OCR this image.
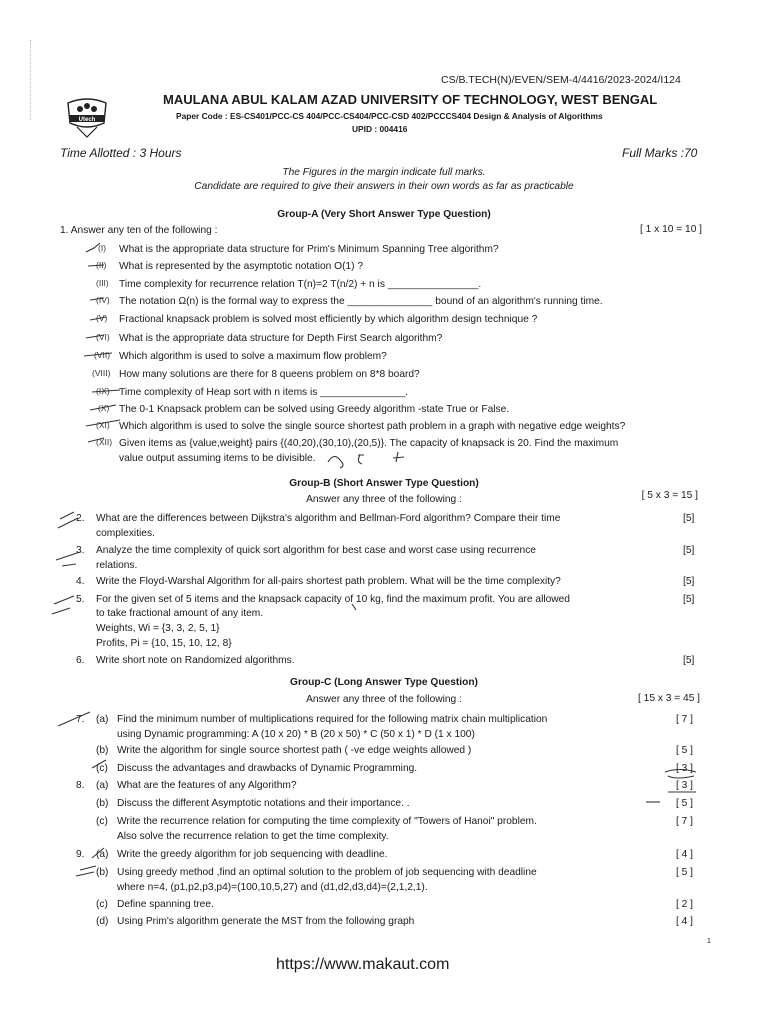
CS/B.TECH(N)/EVEN/SEM-4/4416/2023-2024/I124
Utech
MAULANA ABUL KALAM AZAD UNIVERSITY OF TECHNOLOGY, WEST BENGAL
Paper Code : ES-CS401/PCC-CS 404/PCC-CS404/PCC-CSD 402/PCCCS404 Design & Analysis of Algorithms
UPID : 004416
Time Allotted : 3 Hours	Full Marks :70
The Figures in the margin indicate full marks.
Candidate are required to give their answers in their own words as far as practicable
Group-A (Very Short Answer Type Question)
1. Answer any ten of the following :	[ 1 x 10 = 10 ]
(I) What is the appropriate data structure for Prim's Minimum Spanning Tree algorithm?
(II) What is represented by the asymptotic notation O(1) ?
(III) Time complexity for recurrence relation T(n)=2 T(n/2) + n is ________________.
(IV) The notation Ω(n) is the formal way to express the _______________ bound of an algorithm's running time.
(V) Fractional knapsack problem is solved most efficiently by which algorithm design technique ?
(VI) What is the appropriate data structure for Depth First Search algorithm?
(VII) Which algorithm is used to solve a maximum flow problem?
(VIII) How many solutions are there for 8 queens problem on 8*8 board?
(IX) Time complexity of Heap sort with n items is _______________.
(X) The 0-1 Knapsack problem can be solved using Greedy algorithm -state True or False.
(XI) Which algorithm is used to solve the single source shortest path problem in a graph with negative edge weights?
(XII) Given items as {value,weight} pairs {(40,20),(30,10),(20,5)}. The capacity of knapsack is 20. Find the maximum
value output assuming items to be divisible.
Group-B (Short Answer Type Question)
Answer any three of the following :	[ 5 x 3 = 15 ]
2. What are the differences between Dijkstra's algorithm and Bellman-Ford algorithm? Compare their time
complexities.
[5]
3. Analyze the time complexity of quick sort algorithm for best case and worst case using recurrence
relations.
[5]
4. Write the Floyd-Warshal Algorithm for all-pairs shortest path problem. What will be the time complexity?	[5]
5. For the given set of 5 items and the knapsack capacity of 10 kg, find the maximum profit. You are allowed
to take fractional amount of any item.
Weights, Wi = {3, 3, 2, 5, 1}
Profits, Pi = {10, 15, 10, 12, 8}
[5]
6. Write short note on Randomized algorithms.	[5]
Group-C (Long Answer Type Question)
Answer any three of the following :	[ 15 x 3 = 45 ]
7. (a) Find the minimum number of multiplications required for the following matrix chain multiplication
using Dynamic programming: A (10 x 20) * B (20 x 50) * C (50 x 1) * D (1 x 100)
[ 7 ]
(b) Write the algorithm for single source shortest path ( -ve edge weights allowed )	[ 5 ]
(c) Discuss the advantages and drawbacks of Dynamic Programming.	[ 3 ]
8. (a) What are the features of any Algorithm?	[ 3 ]
(b) Discuss the different Asymptotic notations and their importance. .	[ 5 ]
(c) Write the recurrence relation for computing the time complexity of "Towers of Hanoi" problem.
Also solve the recurrence relation to get the time complexity.
[ 7 ]
9. (a) Write the greedy algorithm for job sequencing with deadline.	[ 4 ]
(b) Using greedy method ,find an optimal solution to the problem of job sequencing with deadline
where n=4, (p1,p2,p3,p4)=(100,10,5,27) and (d1,d2,d3,d4)=(2,1,2,1).
[ 5 ]
(c) Define spanning tree.	[ 2 ]
(d) Using Prim's algorithm generate the MST from the following graph	[ 4 ]
https://www.makaut.com
1
